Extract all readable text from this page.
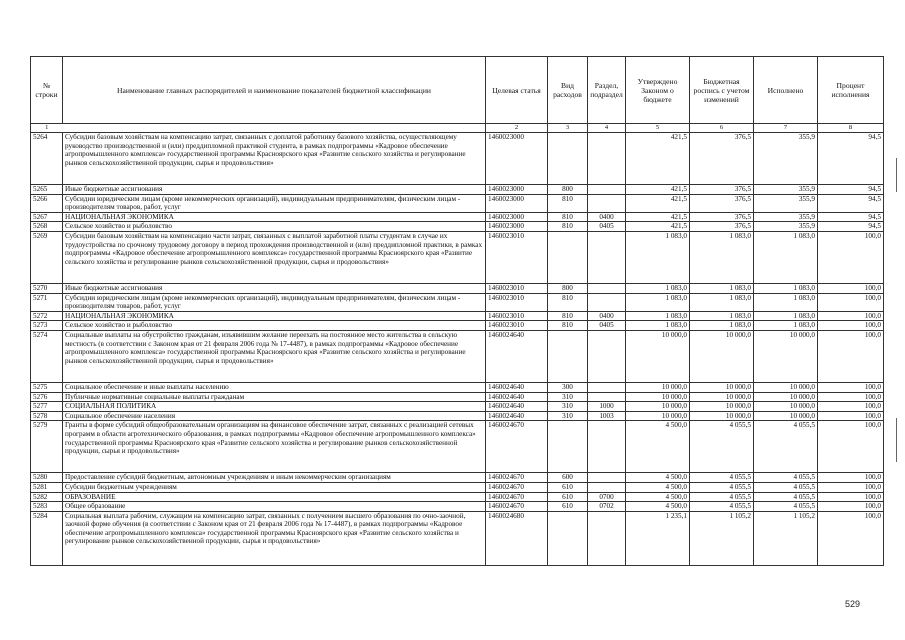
№ строки	Наименование главных распорядителей и наименование показателей бюджетной классификации	Целевая статья	Вид расходов	Раздел, подраздел	Утверждено Законом о бюджете	Бюджетная роспись с учетом изменений	Исполнено	Процент исполнения
1		2	3	4	5	6	7	8
5264	Субсидии базовым хозяйствам на компенсацию затрат, связанных с доплатой работнику базового хозяйства, осуществляющему руководство производственной и (или) преддипломной практикой студента, в рамках подпрограммы «Кадровое обеспечение агропромышленного комплекса» государственной программы Красноярского края «Развитие сельского хозяйства и регулирование рынков сельскохозяйственной продукции, сырья и продовольствия»	1460023000			421,5	376,5	355,9	94,5
5265	Иные бюджетные ассигнования	1460023000	800		421,5	376,5	355,9	94,5
5266	Субсидии юридическим лицам (кроме некоммерческих организаций), индивидуальным предпринимателям, физическим лицам - производителям товаров, работ, услуг	1460023000	810		421,5	376,5	355,9	94,5
5267	НАЦИОНАЛЬНАЯ ЭКОНОМИКА	1460023000	810	0400	421,5	376,5	355,9	94,5
5268	Сельское хозяйство и рыболовство	1460023000	810	0405	421,5	376,5	355,9	94,5
5269	Субсидии базовым хозяйствам на компенсацию части затрат, связанных с выплатой заработной платы студентам в случае их трудоустройства по срочному трудовому договору в период прохождения производственной и (или) преддипломной практики, в рамках подпрограммы «Кадровое обеспечение агропромышленного комплекса» государственной программы Красноярского края «Развитие сельского хозяйства и регулирование рынков сельскохозяйственной продукции, сырья и продовольствия»	1460023010			1 083,0	1 083,0	1 083,0	100,0
5270	Иные бюджетные ассигнования	1460023010	800		1 083,0	1 083,0	1 083,0	100,0
5271	Субсидии юридическим лицам (кроме некоммерческих организаций), индивидуальным предпринимателям, физическим лицам - производителям товаров, работ, услуг	1460023010	810		1 083,0	1 083,0	1 083,0	100,0
5272	НАЦИОНАЛЬНАЯ ЭКОНОМИКА	1460023010	810	0400	1 083,0	1 083,0	1 083,0	100,0
5273	Сельское хозяйство и рыболовство	1460023010	810	0405	1 083,0	1 083,0	1 083,0	100,0
5274	Социальные выплаты на обустройство гражданам, изъявившим желание переехать на постоянное место жительства в сельскую местность (в соответствии с Законом края от 21 февраля 2006 года № 17-4487), в рамках подпрограммы «Кадровое обеспечение агропромышленного комплекса» государственной программы Красноярского края «Развитие сельского хозяйства и регулирование рынков сельскохозяйственной продукции, сырья и продовольствия»	1460024640			10 000,0	10 000,0	10 000,0	100,0
5275	Социальное обеспечение и иные выплаты населению	1460024640	300		10 000,0	10 000,0	10 000,0	100,0
5276	Публичные нормативные социальные выплаты гражданам	1460024640	310		10 000,0	10 000,0	10 000,0	100,0
5277	СОЦИАЛЬНАЯ ПОЛИТИКА	1460024640	310	1000	10 000,0	10 000,0	10 000,0	100,0
5278	Социальное обеспечение населения	1460024640	310	1003	10 000,0	10 000,0	10 000,0	100,0
5279	Гранты в форме субсидий общеобразовательным организациям на финансовое обеспечение затрат, связанных с реализацией сетевых программ в области агротехнического образования, в рамках подпрограммы «Кадровое обеспечение агропромышленного комплекса» государственной программы Красноярского края «Развитие сельского хозяйства и регулирование рынков сельскохозяйственной продукции, сырья и продовольствия»	1460024670			4 500,0	4 055,5	4 055,5	100,0
5280	Предоставление субсидий бюджетным, автономным учреждениям и иным некоммерческим организациям	1460024670	600		4 500,0	4 055,5	4 055,5	100,0
5281	Субсидии бюджетным учреждениям	1460024670	610		4 500,0	4 055,5	4 055,5	100,0
5282	ОБРАЗОВАНИЕ	1460024670	610	0700	4 500,0	4 055,5	4 055,5	100,0
5283	Общее образование	1460024670	610	0702	4 500,0	4 055,5	4 055,5	100,0
5284	Социальная выплата рабочим, служащим на компенсацию затрат, связанных с получением высшего образования по очно-заочной, заочной форме обучения (в соответствии с Законом края от 21 февраля 2006 года № 17-4487), в рамках подпрограммы «Кадровое обеспечение агропромышленного комплекса» государственной программы Красноярского края «Развитие сельского хозяйства и регулирование рынков сельскохозяйственной продукции, сырья и продовольствия»	1460024680			1 235,1	1 105,2	1 105,2	100,0
529
